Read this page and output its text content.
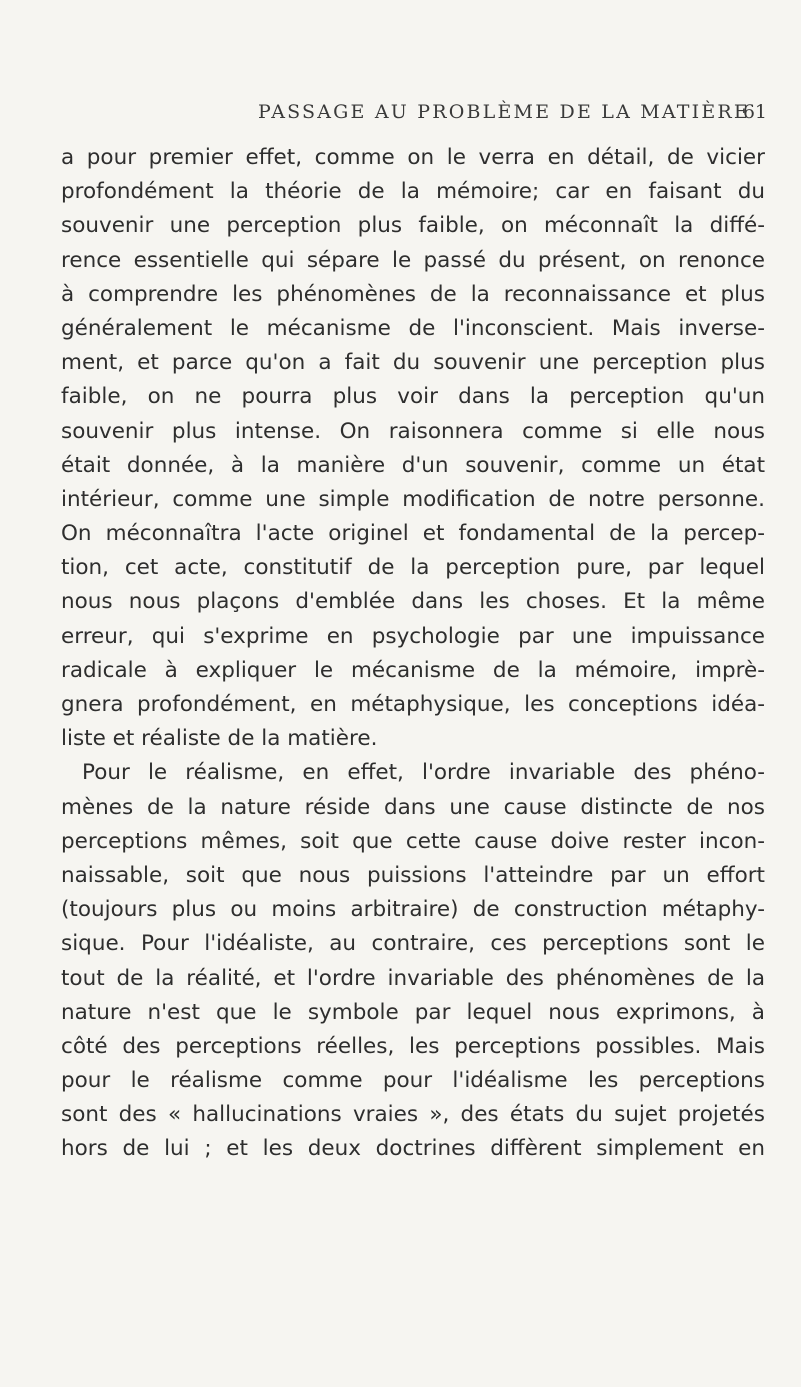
PASSAGE AU PROBLÈME DE LA MATIÈRE
61
a pour premier effet, comme on le verra en détail, de vicier
profondément la théorie de la mémoire; car en faisant du
souvenir une perception plus faible, on méconnaît la diffé-
rence essentielle qui sépare le passé du présent, on renonce
à comprendre les phénomènes de la reconnaissance et plus
généralement le mécanisme de l'inconscient. Mais inverse-
ment, et parce qu'on a fait du souvenir une perception plus
faible, on ne pourra plus voir dans la perception qu'un
souvenir plus intense. On raisonnera comme si elle nous
était donnée, à la manière d'un souvenir, comme un état
intérieur, comme une simple modification de notre personne.
On méconnaîtra l'acte originel et fondamental de la percep-
tion, cet acte, constitutif de la perception pure, par lequel
nous nous plaçons d'emblée dans les choses. Et la même
erreur, qui s'exprime en psychologie par une impuissance
radicale à expliquer le mécanisme de la mémoire, imprè-
gnera profondément, en métaphysique, les conceptions idéa-
liste et réaliste de la matière.
Pour le réalisme, en effet, l'ordre invariable des phéno-
mènes de la nature réside dans une cause distincte de nos
perceptions mêmes, soit que cette cause doive rester incon-
naissable, soit que nous puissions l'atteindre par un effort
(toujours plus ou moins arbitraire) de construction métaphy-
sique. Pour l'idéaliste, au contraire, ces perceptions sont le
tout de la réalité, et l'ordre invariable des phénomènes de la
nature n'est que le symbole par lequel nous exprimons, à
côté des perceptions réelles, les perceptions possibles. Mais
pour le réalisme comme pour l'idéalisme les perceptions
sont des « hallucinations vraies », des états du sujet projetés
hors de lui ; et les deux doctrines diffèrent simplement en
